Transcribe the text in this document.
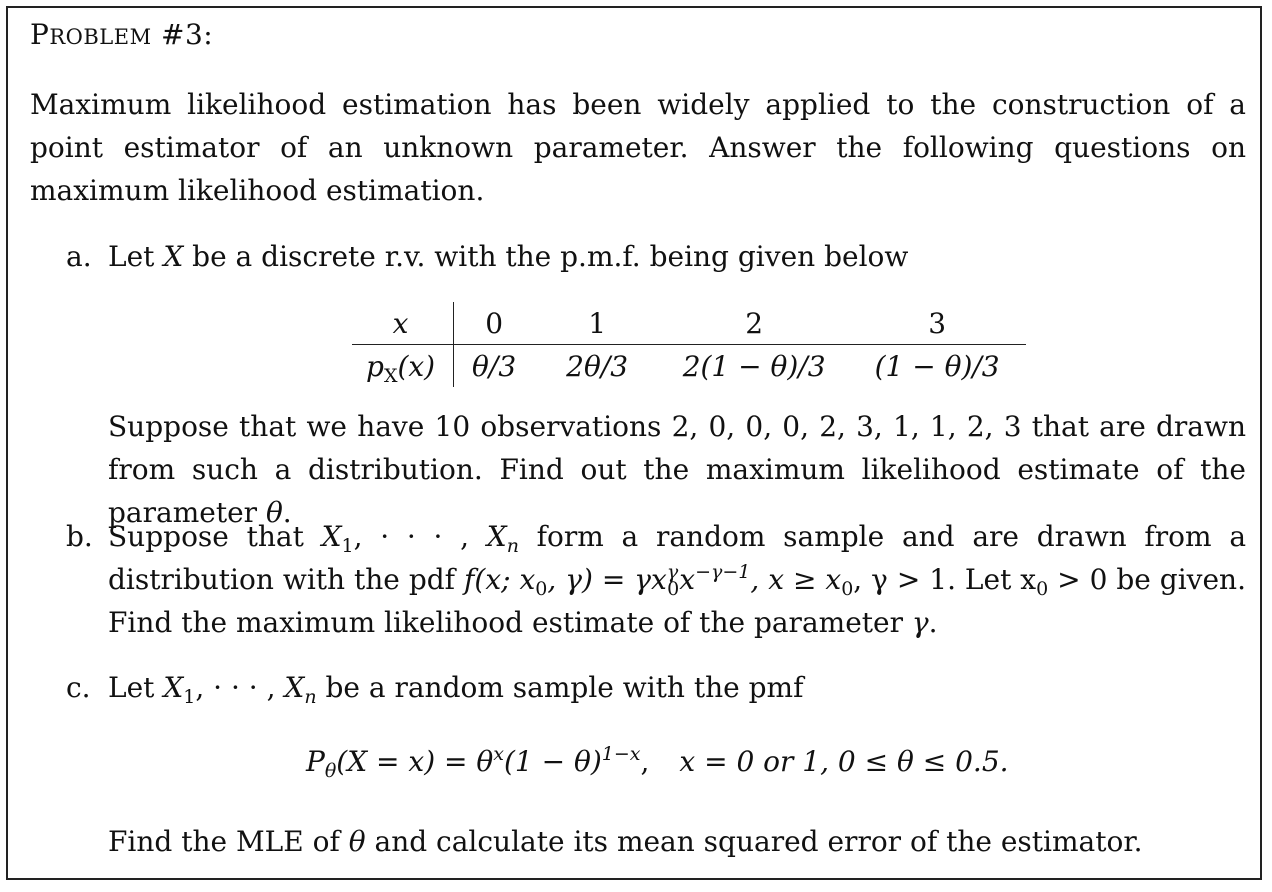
PROBLEM #3:
Maximum likelihood estimation has been widely applied to the construction of a point estimator of an unknown parameter. Answer the following questions on maximum likelihood estimation.
a. Let X be a discrete r.v. with the p.m.f. being given below
x	0	1	2	3
$p_X(x)$	θ/3	2θ/3	2(1 − θ)/3	(1 − θ)/3
Suppose that we have 10 observations 2, 0, 0, 0, 2, 3, 1, 1, 2, 3 that are drawn from such a distribution. Find out the maximum likelihood estimate of the parameter θ.
b. Suppose that $X_1$, · · · , $X_n$ form a random sample and are drawn from a distribution with the pdf f(x; $x_0$, $\gamma) = \gamma x^\gamma_0x^{-\gamma-1}$, $x \ge x_0$, γ > 1. Let $x_0 > 0$ be given. Find the maximum likelihood estimate of the parameter γ.
c. Let $X_1$, · · · , $X_n$ be a random sample with the pmf
$P_\theta(X = x) = \theta^x(1 - \theta)^{1-x}$, x = 0 or 1, 0 ≤ θ ≤ 0.5.
Find the MLE of θ and calculate its mean squared error of the estimator.
